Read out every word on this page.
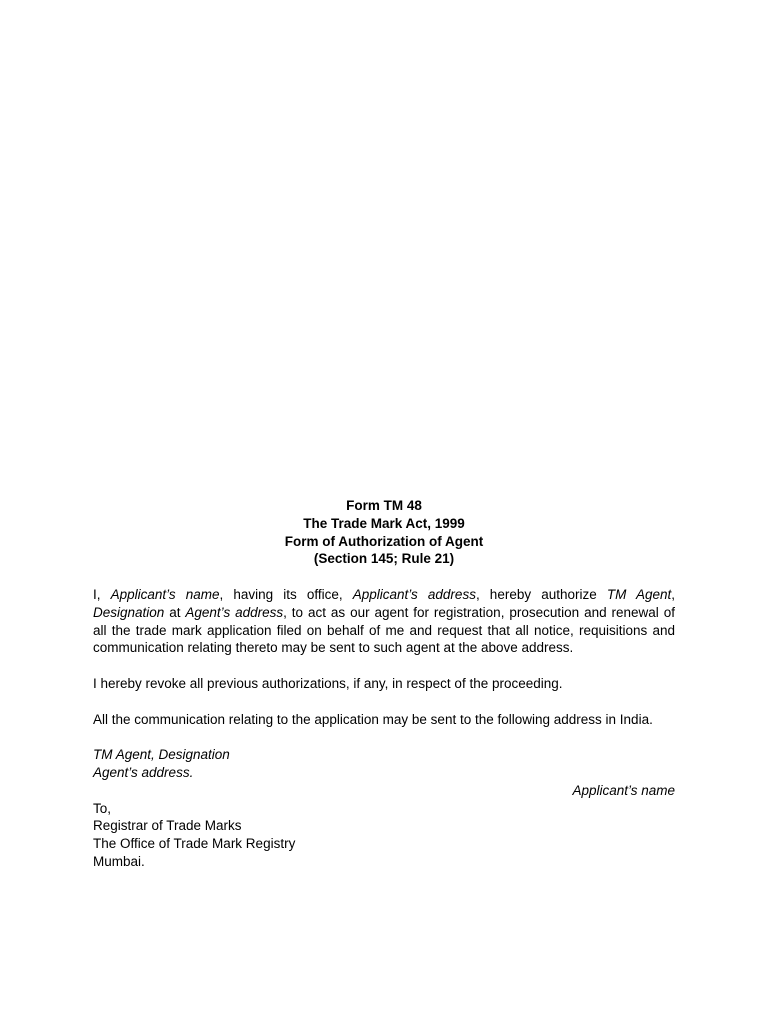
Form TM 48
The Trade Mark Act, 1999
Form of Authorization of Agent
(Section 145; Rule 21)
I, Applicant’s name, having its office, Applicant’s address, hereby authorize TM Agent, Designation at Agent’s address, to act as our agent for registration, prosecution and renewal of all the trade mark application filed on behalf of me and request that all notice, requisitions and communication relating thereto may be sent to such agent at the above address.
I hereby revoke all previous authorizations, if any, in respect of the proceeding.
All the communication relating to the application may be sent to the following address in India.
TM Agent, Designation
Agent’s address.
Applicant’s name
To,
Registrar of Trade Marks
The Office of Trade Mark Registry
Mumbai.
